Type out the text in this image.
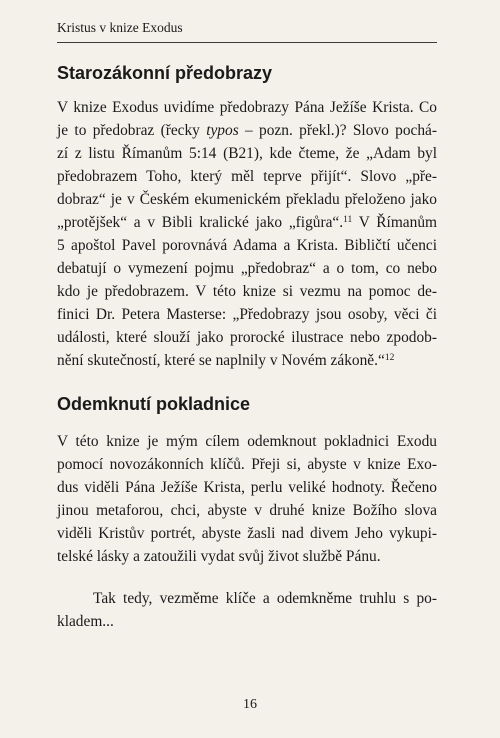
Kristus v knize Exodus
Starozákonní předobrazy
V knize Exodus uvidíme předobrazy Pána Ježíše Krista. Co
je to předobraz (řecky typos – pozn. překl.)? Slovo pochá-
zí z listu Římanům 5:14 (B21), kde čteme, že „Adam byl
předobrazem Toho, který měl teprve přijít“. Slovo „pře-
dobraz“ je v Českém ekumenickém překladu přeloženo jako
„protějšek“ a v Bibli kralické jako „figůra“.$^{11}$ V Římanům
5 apoštol Pavel porovnává Adama a Krista. Bibličtí učenci
debatují o vymezení pojmu „předobraz“ a o tom, co nebo
kdo je předobrazem. V této knize si vezmu na pomoc de-
finici Dr. Petera Masterse: „Předobrazy jsou osoby, věci či
události, které slouží jako prorocké ilustrace nebo zpodob-
nění skutečností, které se naplnily v Novém zákoně.“$^{12}$
Odemknutí pokladnice
V této knize je mým cílem odemknout pokladnici Exodu
pomocí novozákonních klíčů. Přeji si, abyste v knize Exo-
dus viděli Pána Ježíše Krista, perlu veliké hodnoty. Řečeno
jinou metaforou, chci, abyste v druhé knize Božího slova
viděli Kristův portrét, abyste žasli nad divem Jeho vykupi-
telské lásky a zatoužili vydat svůj život službě Pánu.
Tak tedy, vezměme klíče a odemkněme truhlu s po-
kladem...
16
